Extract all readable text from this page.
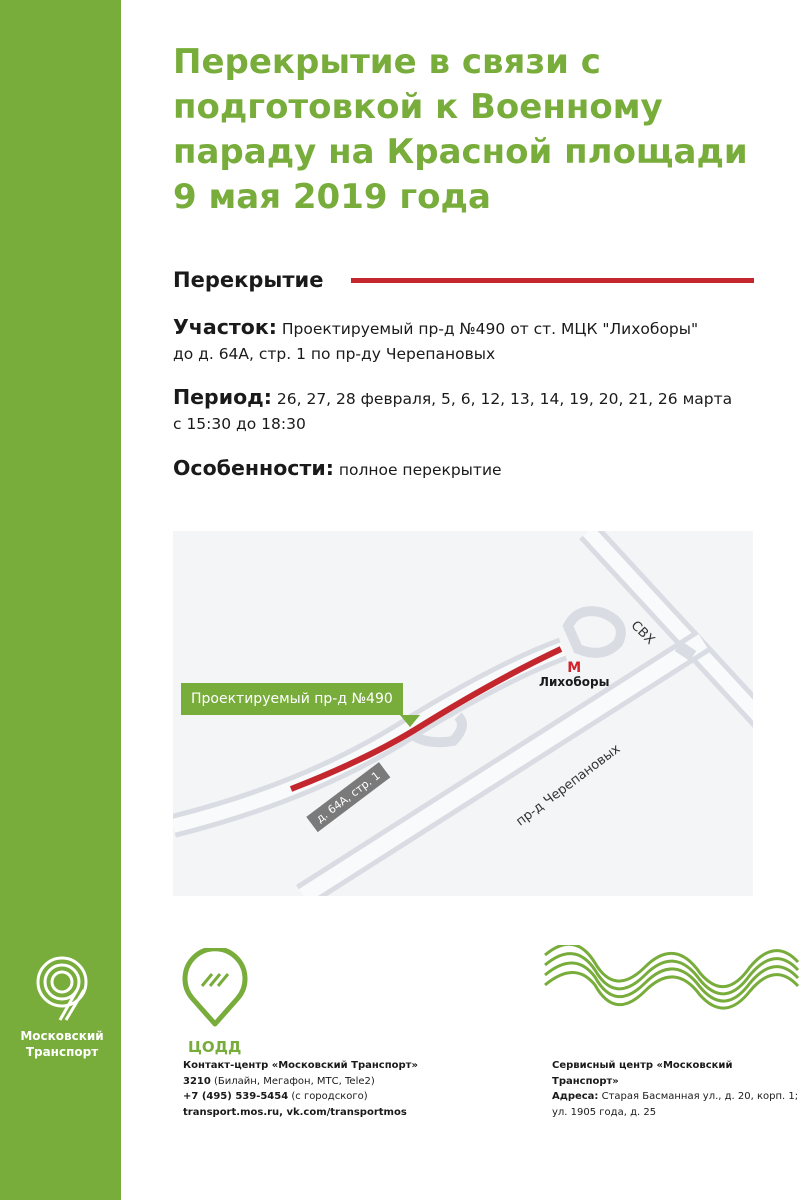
Московский
Транспорт
Перекрытие в связи с
подготовкой к Военному
параду на Красной площади
9 мая 2019 года
Перекрытие
Участок: Проектируемый пр-д №490 от ст. МЦК "Лихоборы"
до д. 64А, стр. 1 по пр-ду Черепановых
Период: 26, 27, 28 февраля, 5, 6, 12, 13, 14, 19, 20, 21, 26 марта
с 15:30 до 18:30
Особенности: полное перекрытие
СВХ
пр-д Черепановых
M
Лихоборы
Проектируемый пр-д №490
д. 64А, стр. 1
ЦОДД
Контакт-центр «Московский Транспорт»
3210 (Билайн, Мегафон, МТС, Tele2)
+7 (495) 539-5454 (с городского)
transport.mos.ru, vk.com/transportmos
Сервисный центр «Московский Транспорт»
Адреса: Старая Басманная ул., д. 20, корп. 1;
ул. 1905 года, д. 25
